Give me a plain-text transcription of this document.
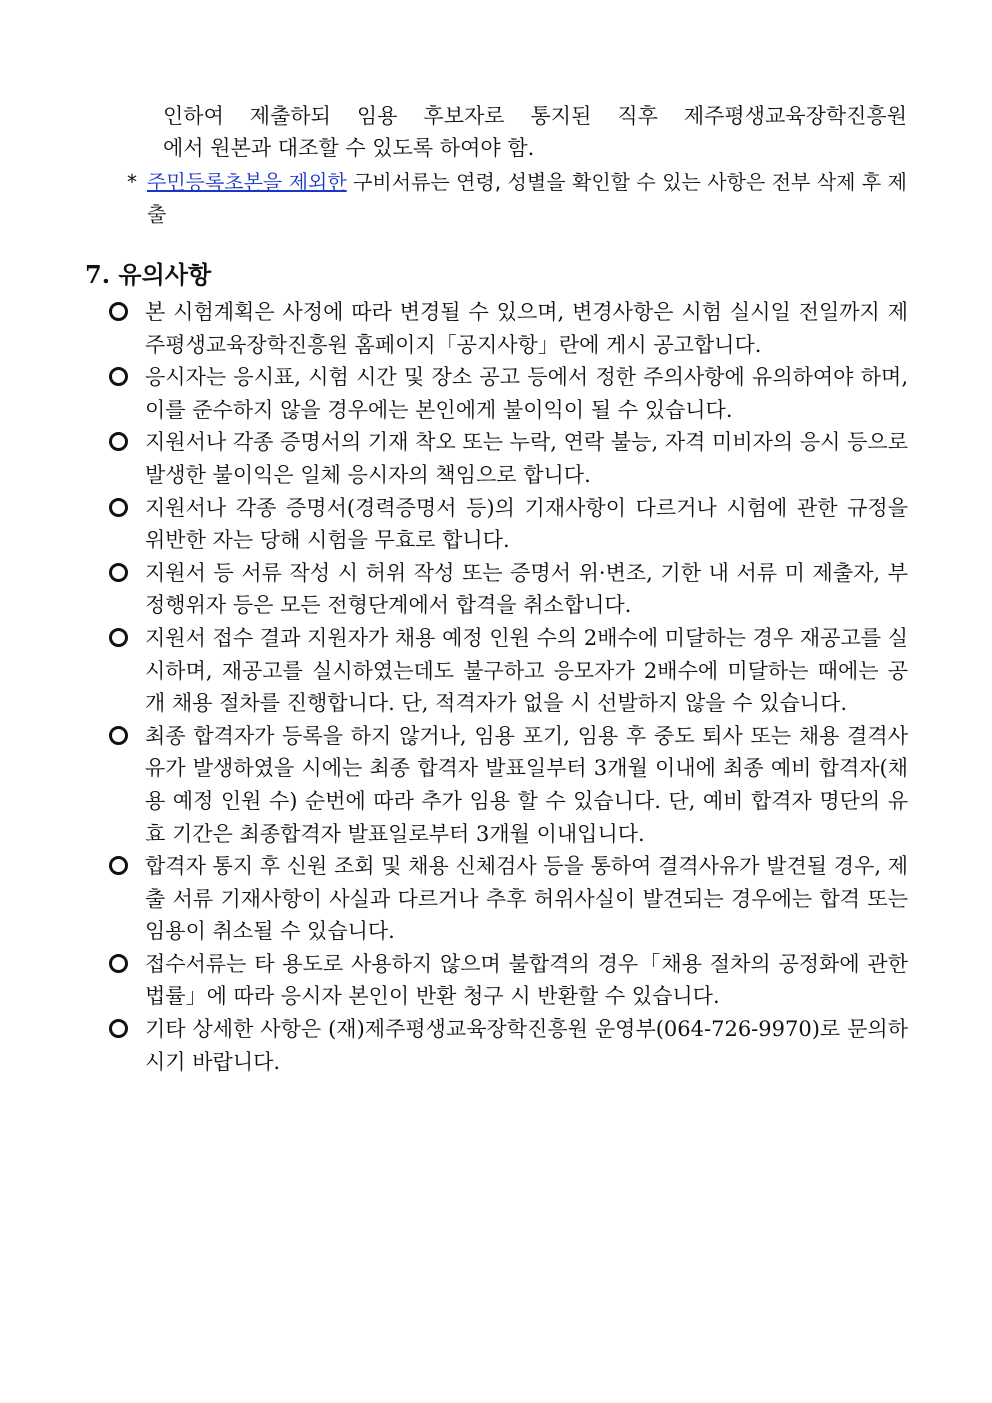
인하여 제출하되 임용 후보자로 통지된 직후 제주평생교육장학진흥원
에서 원본과 대조할 수 있도록 하여야 함.
* 주민등록초본을 제외한 구비서류는 연령, 성별을 확인할 수 있는 사항은 전부 삭제 후 제출
7. 유의사항
본 시험계획은 사정에 따라 변경될 수 있으며, 변경사항은 시험 실시일 전일까지 제주평생교육장학진흥원 홈페이지「공지사항」란에 게시 공고합니다.
응시자는 응시표, 시험 시간 및 장소 공고 등에서 정한 주의사항에 유의하여야 하며, 이를 준수하지 않을 경우에는 본인에게 불이익이 될 수 있습니다.
지원서나 각종 증명서의 기재 착오 또는 누락, 연락 불능, 자격 미비자의 응시 등으로 발생한 불이익은 일체 응시자의 책임으로 합니다.
지원서나 각종 증명서(경력증명서 등)의 기재사항이 다르거나 시험에 관한 규정을 위반한 자는 당해 시험을 무효로 합니다.
지원서 등 서류 작성 시 허위 작성 또는 증명서 위·변조, 기한 내 서류 미 제출자, 부정행위자 등은 모든 전형단계에서 합격을 취소합니다.
지원서 접수 결과 지원자가 채용 예정 인원 수의 2배수에 미달하는 경우 재공고를 실시하며, 재공고를 실시하였는데도 불구하고 응모자가 2배수에 미달하는 때에는 공개 채용 절차를 진행합니다. 단, 적격자가 없을 시 선발하지 않을 수 있습니다.
최종 합격자가 등록을 하지 않거나, 임용 포기, 임용 후 중도 퇴사 또는 채용 결격사유가 발생하였을 시에는 최종 합격자 발표일부터 3개월 이내에 최종 예비 합격자(채용 예정 인원 수) 순번에 따라 추가 임용 할 수 있습니다. 단, 예비 합격자 명단의 유효 기간은 최종합격자 발표일로부터 3개월 이내입니다.
합격자 통지 후 신원 조회 및 채용 신체검사 등을 통하여 결격사유가 발견될 경우, 제출 서류 기재사항이 사실과 다르거나 추후 허위사실이 발견되는 경우에는 합격 또는 임용이 취소될 수 있습니다.
접수서류는 타 용도로 사용하지 않으며 불합격의 경우「채용 절차의 공정화에 관한 법률」에 따라 응시자 본인이 반환 청구 시 반환할 수 있습니다.
기타 상세한 사항은 (재)제주평생교육장학진흥원 운영부(064-726-9970)로 문의하시기 바랍니다.
